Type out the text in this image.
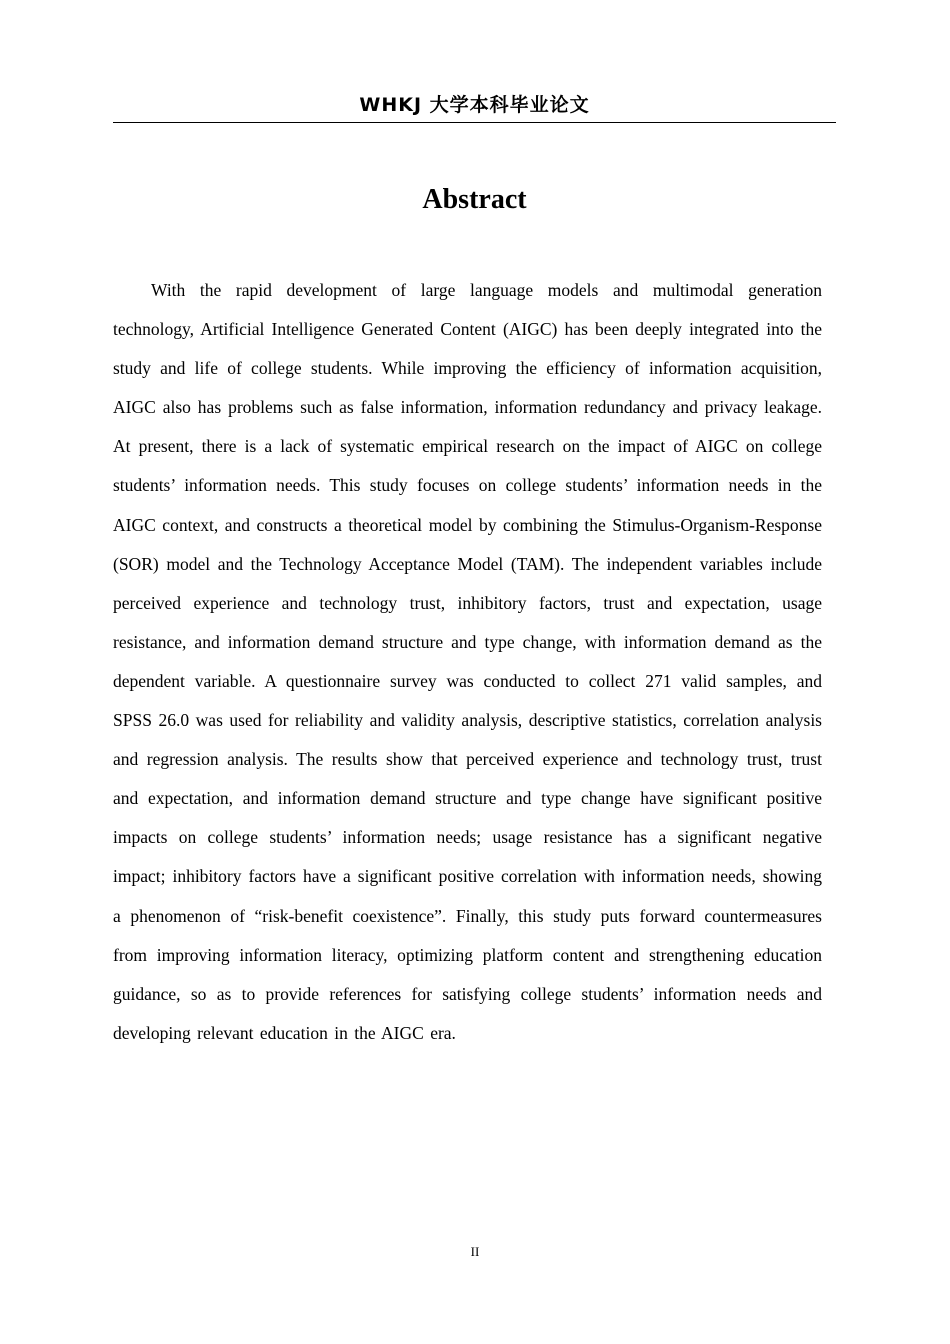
WHKJ 大学本科毕业论文
Abstract

With the rapid development of large language models and multimodal generation technology, Artificial Intelligence Generated Content (AIGC) has been deeply integrated into the study and life of college students. While improving the efficiency of information acquisition, AIGC also has problems such as false information, information redundancy and privacy leakage. At present, there is a lack of systematic empirical research on the impact of AIGC on college students’ information needs. This study focuses on college students’ information needs in the AIGC context, and constructs a theoretical model by combining the Stimulus-Organism-Response (SOR) model and the Technology Acceptance Model (TAM). The independent variables include perceived experience and technology trust, inhibitory factors, trust and expectation, usage resistance, and information demand structure and type change, with information demand as the dependent variable. A questionnaire survey was conducted to collect 271 valid samples, and SPSS 26.0 was used for reliability and validity analysis, descriptive statistics, correlation analysis and regression analysis. The results show that perceived experience and technology trust, trust and expectation, and information demand structure and type change have significant positive impacts on college students’ information needs; usage resistance has a significant negative impact; inhibitory factors have a significant positive correlation with information needs, showing a phenomenon of “risk-benefit coexistence”. Finally, this study puts forward countermeasures from improving information literacy, optimizing platform content and strengthening education guidance, so as to provide references for satisfying college students’ information needs and developing relevant education in the AIGC era.

II
